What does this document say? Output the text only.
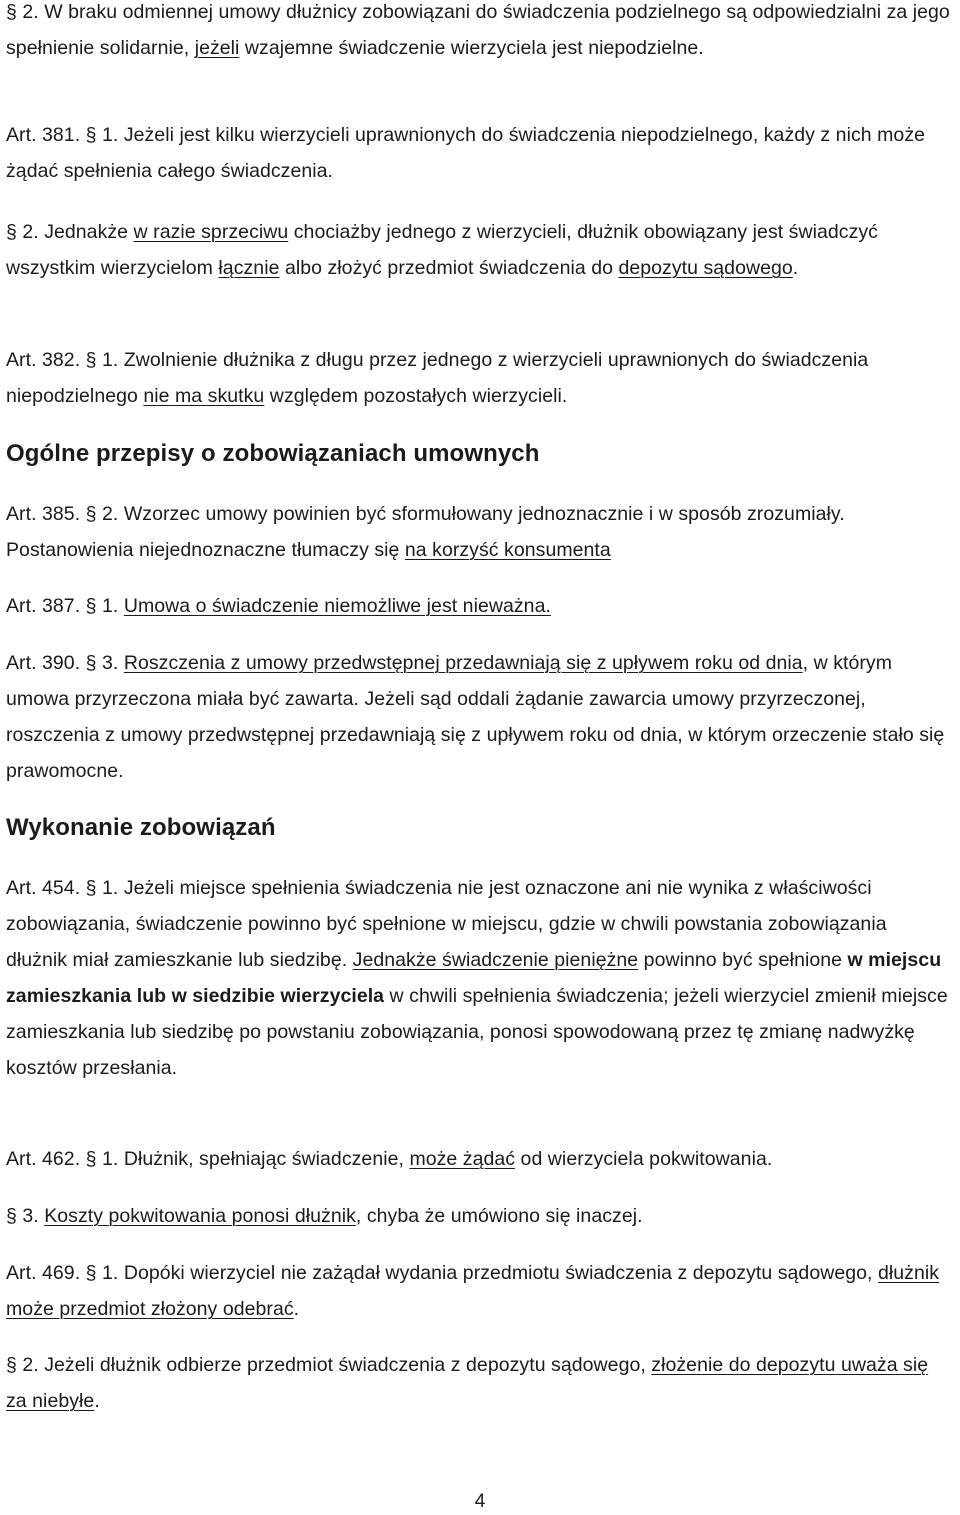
§ 2. W braku odmiennej umowy dłużnicy zobowiązani do świadczenia podzielnego są odpowiedzialni za jego spełnienie solidarnie, jeżeli wzajemne świadczenie wierzyciela jest niepodzielne.

Art. 381. § 1. Jeżeli jest kilku wierzycieli uprawnionych do świadczenia niepodzielnego, każdy z nich może żądać spełnienia całego świadczenia.

§ 2. Jednakże w razie sprzeciwu chociażby jednego z wierzycieli, dłużnik obowiązany jest świadczyć wszystkim wierzycielom łącznie albo złożyć przedmiot świadczenia do depozytu sądowego.

Art. 382. § 1. Zwolnienie dłużnika z długu przez jednego z wierzycieli uprawnionych do świadczenia niepodzielnego nie ma skutku względem pozostałych wierzycieli.

Ogólne przepisy o zobowiązaniach umownych

Art. 385. § 2. Wzorzec umowy powinien być sformułowany jednoznacznie i w sposób zrozumiały. Postanowienia niejednoznaczne tłumaczy się na korzyść konsumenta

Art. 387. § 1. Umowa o świadczenie niemożliwe jest nieważna.

Art. 390. § 3. Roszczenia z umowy przedwstępnej przedawniają się z upływem roku od dnia, w którym umowa przyrzeczona miała być zawarta. Jeżeli sąd oddali żądanie zawarcia umowy przyrzeczonej, roszczenia z umowy przedwstępnej przedawniają się z upływem roku od dnia, w którym orzeczenie stało się prawomocne.

Wykonanie zobowiązań

Art. 454. § 1. Jeżeli miejsce spełnienia świadczenia nie jest oznaczone ani nie wynika z właściwości zobowiązania, świadczenie powinno być spełnione w miejscu, gdzie w chwili powstania zobowiązania dłużnik miał zamieszkanie lub siedzibę. Jednakże świadczenie pieniężne powinno być spełnione w miejscu zamieszkania lub w siedzibie wierzyciela w chwili spełnienia świadczenia; jeżeli wierzyciel zmienił miejsce zamieszkania lub siedzibę po powstaniu zobowiązania, ponosi spowodowaną przez tę zmianę nadwyżkę kosztów przesłania.

Art. 462. § 1. Dłużnik, spełniając świadczenie, może żądać od wierzyciela pokwitowania.

§ 3. Koszty pokwitowania ponosi dłużnik, chyba że umówiono się inaczej.

Art. 469. § 1. Dopóki wierzyciel nie zażądał wydania przedmiotu świadczenia z depozytu sądowego, dłużnik może przedmiot złożony odebrać.

§ 2. Jeżeli dłużnik odbierze przedmiot świadczenia z depozytu sądowego, złożenie do depozytu uważa się za niebyłe.

4
